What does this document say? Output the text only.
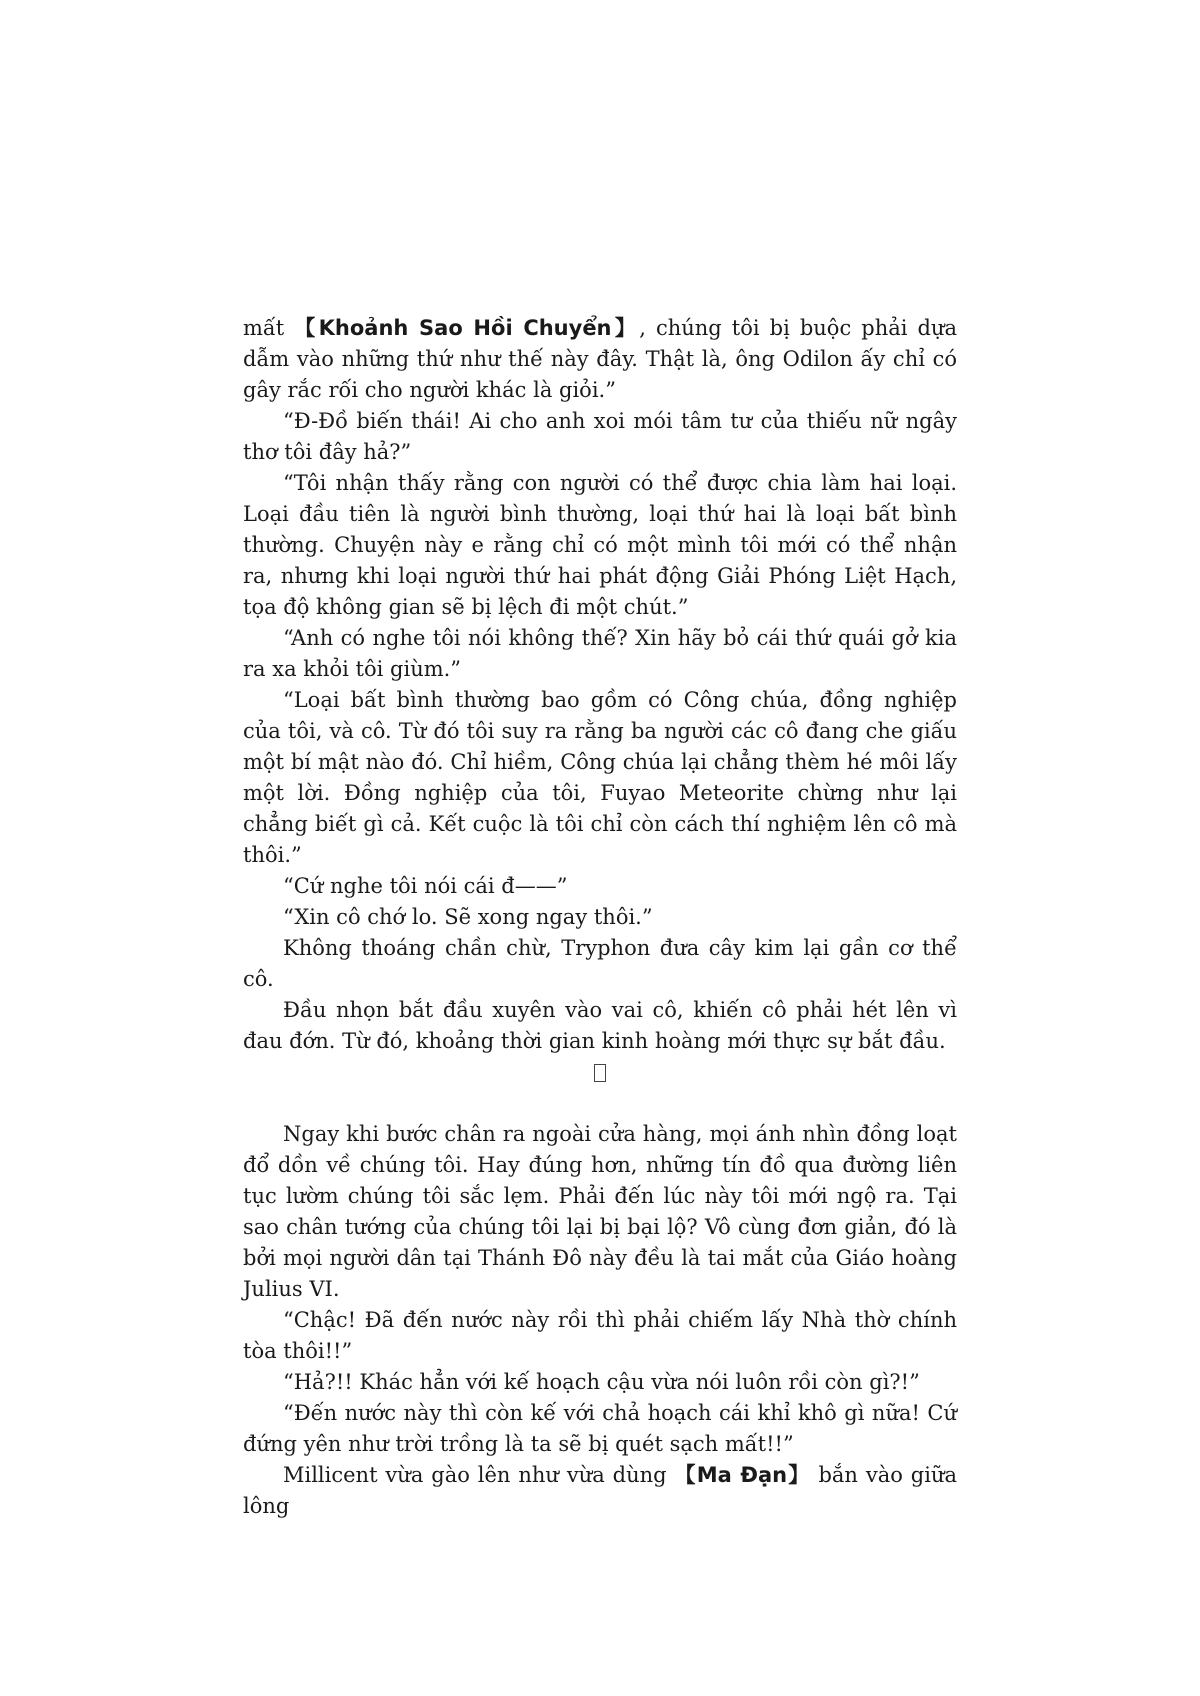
mất 【Khoảnh Sao Hồi Chuyển】, chúng tôi bị buộc phải dựa dẫm vào những thứ như thế này đây. Thật là, ông Odilon ấy chỉ có gây rắc rối cho người khác là giỏi.”

“Đ-Đồ biến thái! Ai cho anh xoi mói tâm tư của thiếu nữ ngây thơ tôi đây hả?”

“Tôi nhận thấy rằng con người có thể được chia làm hai loại. Loại đầu tiên là người bình thường, loại thứ hai là loại bất bình thường. Chuyện này e rằng chỉ có một mình tôi mới có thể nhận ra, nhưng khi loại người thứ hai phát động Giải Phóng Liệt Hạch, tọa độ không gian sẽ bị lệch đi một chút.”

“Anh có nghe tôi nói không thế? Xin hãy bỏ cái thứ quái gở kia ra xa khỏi tôi giùm.”

“Loại bất bình thường bao gồm có Công chúa, đồng nghiệp của tôi, và cô. Từ đó tôi suy ra rằng ba người các cô đang che giấu một bí mật nào đó. Chỉ hiềm, Công chúa lại chẳng thèm hé môi lấy một lời. Đồng nghiệp của tôi, Fuyao Meteorite chừng như lại chẳng biết gì cả. Kết cuộc là tôi chỉ còn cách thí nghiệm lên cô mà thôi.”

“Cứ nghe tôi nói cái đ——”

“Xin cô chớ lo. Sẽ xong ngay thôi.”

Không thoáng chần chừ, Tryphon đưa cây kim lại gần cơ thể cô.

Đầu nhọn bắt đầu xuyên vào vai cô, khiến cô phải hét lên vì đau đớn. Từ đó, khoảng thời gian kinh hoàng mới thực sự bắt đầu.

Ngay khi bước chân ra ngoài cửa hàng, mọi ánh nhìn đồng loạt đổ dồn về chúng tôi. Hay đúng hơn, những tín đồ qua đường liên tục lườm chúng tôi sắc lẹm. Phải đến lúc này tôi mới ngộ ra. Tại sao chân tướng của chúng tôi lại bị bại lộ? Vô cùng đơn giản, đó là bởi mọi người dân tại Thánh Đô này đều là tai mắt của Giáo hoàng Julius VI.

“Chậc! Đã đến nước này rồi thì phải chiếm lấy Nhà thờ chính tòa thôi!!”

“Hả?!! Khác hẳn với kế hoạch cậu vừa nói luôn rồi còn gì?!”

“Đến nước này thì còn kế với chả hoạch cái khỉ khô gì nữa! Cứ đứng yên như trời trồng là ta sẽ bị quét sạch mất!!”

Millicent vừa gào lên như vừa dùng 【Ma Đạn】 bắn vào giữa lông
